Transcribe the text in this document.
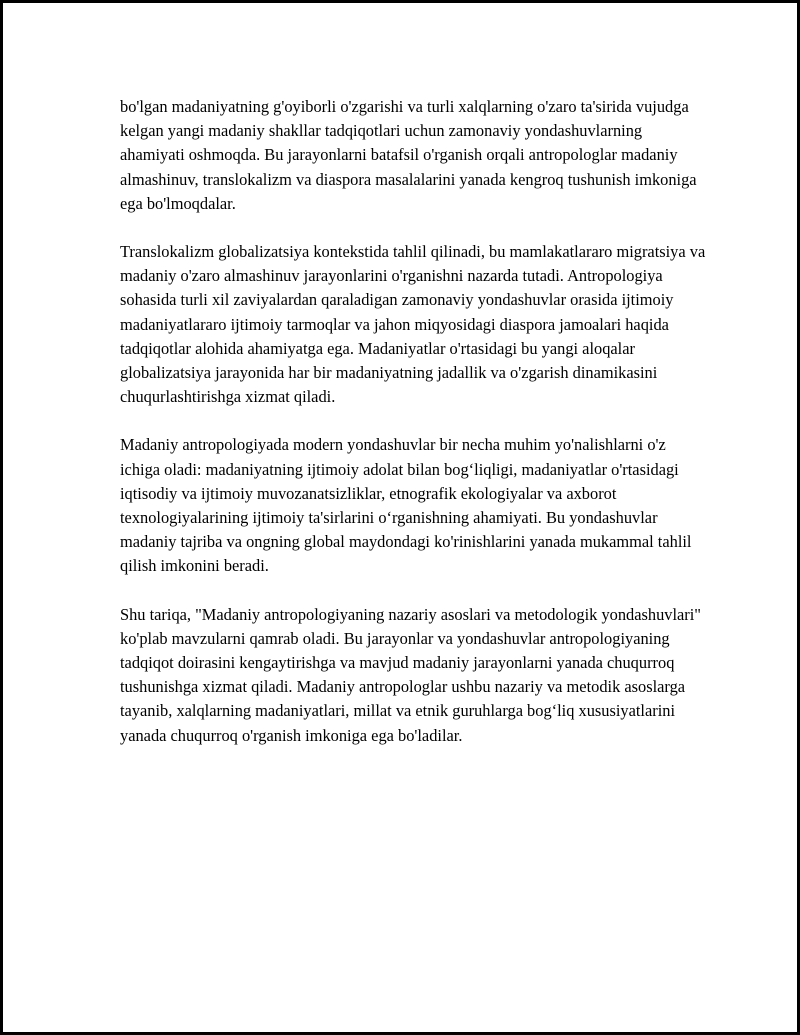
bo'lgan madaniyatning g'oyiborli o'zgarishi va turli xalqlarning o'zaro ta'sirida vujudga kelgan yangi madaniy shakllar tadqiqotlari uchun zamonaviy yondashuvlarning ahamiyati oshmoqda. Bu jarayonlarni batafsil o'rganish orqali antropologlar madaniy almashinuv, translokalizm va diaspora masalalarini yanada kengroq tushunish imkoniga ega bo'lmoqdalar.

Translokalizm globalizatsiya kontekstida tahlil qilinadi, bu mamlakatlararo migratsiya va madaniy o'zaro almashinuv jarayonlarini o'rganishni nazarda tutadi. Antropologiya sohasida turli xil zaviyalardan qaraladigan zamonaviy yondashuvlar orasida ijtimoiy madaniyatlararo ijtimoiy tarmoqlar va jahon miqyosidagi diaspora jamoalari haqida tadqiqotlar alohida ahamiyatga ega. Madaniyatlar o'rtasidagi bu yangi aloqalar globalizatsiya jarayonida har bir madaniyatning jadallik va o'zgarish dinamikasini chuqurlashtirishga xizmat qiladi.

Madaniy antropologiyada modern yondashuvlar bir necha muhim yo'nalishlarni o'z ichiga oladi: madaniyatning ijtimoiy adolat bilan bog‘liqligi, madaniyatlar o'rtasidagi iqtisodiy va ijtimoiy muvozanatsizliklar, etnografik ekologiyalar va axborot texnologiyalarining ijtimoiy ta'sirlarini o‘rganishning ahamiyati. Bu yondashuvlar madaniy tajriba va ongning global maydondagi ko'rinishlarini yanada mukammal tahlil qilish imkonini beradi.

Shu tariqa, "Madaniy antropologiyaning nazariy asoslari va metodologik yondashuvlari" ko'plab mavzularni qamrab oladi. Bu jarayonlar va yondashuvlar antropologiyaning tadqiqot doirasini kengaytirishga va mavjud madaniy jarayonlarni yanada chuqurroq tushunishga xizmat qiladi. Madaniy antropologlar ushbu nazariy va metodik asoslarga tayanib, xalqlarning madaniyatlari, millat va etnik guruhlarga bog‘liq xususiyatlarini yanada chuqurroq o'rganish imkoniga ega bo'ladilar.
